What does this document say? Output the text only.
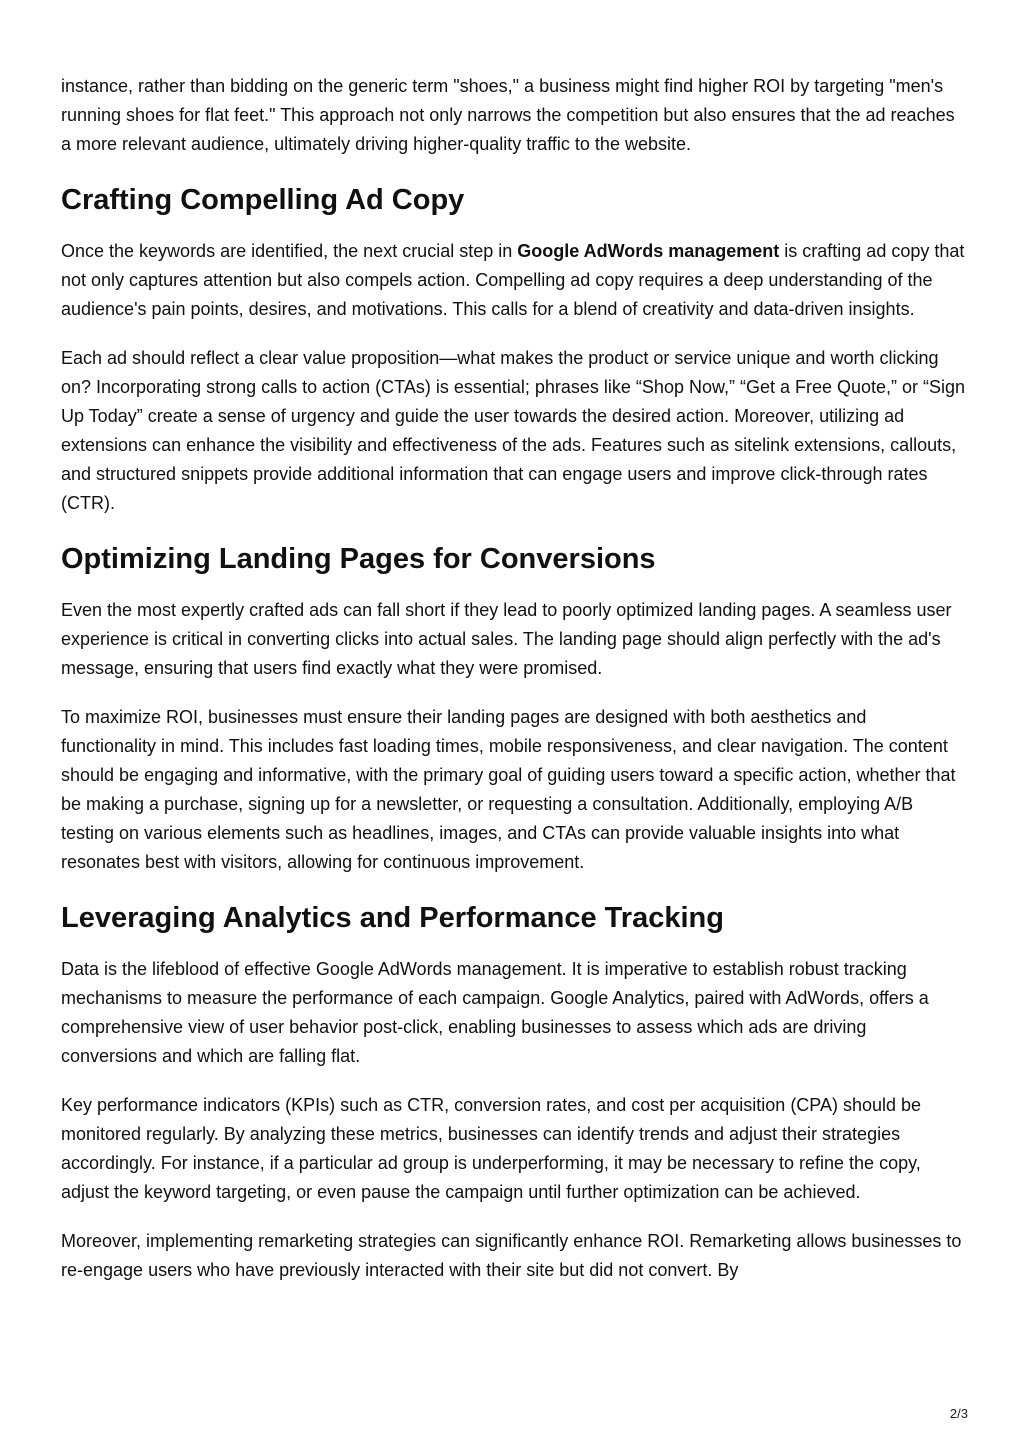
instance, rather than bidding on the generic term "shoes," a business might find higher ROI by targeting "men's running shoes for flat feet." This approach not only narrows the competition but also ensures that the ad reaches a more relevant audience, ultimately driving higher-quality traffic to the website.

Crafting Compelling Ad Copy

Once the keywords are identified, the next crucial step in Google AdWords management is crafting ad copy that not only captures attention but also compels action. Compelling ad copy requires a deep understanding of the audience's pain points, desires, and motivations. This calls for a blend of creativity and data-driven insights.

Each ad should reflect a clear value proposition—what makes the product or service unique and worth clicking on? Incorporating strong calls to action (CTAs) is essential; phrases like “Shop Now,” “Get a Free Quote,” or “Sign Up Today” create a sense of urgency and guide the user towards the desired action. Moreover, utilizing ad extensions can enhance the visibility and effectiveness of the ads. Features such as sitelink extensions, callouts, and structured snippets provide additional information that can engage users and improve click-through rates (CTR).

Optimizing Landing Pages for Conversions

Even the most expertly crafted ads can fall short if they lead to poorly optimized landing pages. A seamless user experience is critical in converting clicks into actual sales. The landing page should align perfectly with the ad's message, ensuring that users find exactly what they were promised.

To maximize ROI, businesses must ensure their landing pages are designed with both aesthetics and functionality in mind. This includes fast loading times, mobile responsiveness, and clear navigation. The content should be engaging and informative, with the primary goal of guiding users toward a specific action, whether that be making a purchase, signing up for a newsletter, or requesting a consultation. Additionally, employing A/B testing on various elements such as headlines, images, and CTAs can provide valuable insights into what resonates best with visitors, allowing for continuous improvement.

Leveraging Analytics and Performance Tracking

Data is the lifeblood of effective Google AdWords management. It is imperative to establish robust tracking mechanisms to measure the performance of each campaign. Google Analytics, paired with AdWords, offers a comprehensive view of user behavior post-click, enabling businesses to assess which ads are driving conversions and which are falling flat.

Key performance indicators (KPIs) such as CTR, conversion rates, and cost per acquisition (CPA) should be monitored regularly. By analyzing these metrics, businesses can identify trends and adjust their strategies accordingly. For instance, if a particular ad group is underperforming, it may be necessary to refine the copy, adjust the keyword targeting, or even pause the campaign until further optimization can be achieved.

Moreover, implementing remarketing strategies can significantly enhance ROI. Remarketing allows businesses to re-engage users who have previously interacted with their site but did not convert. By

2/3
